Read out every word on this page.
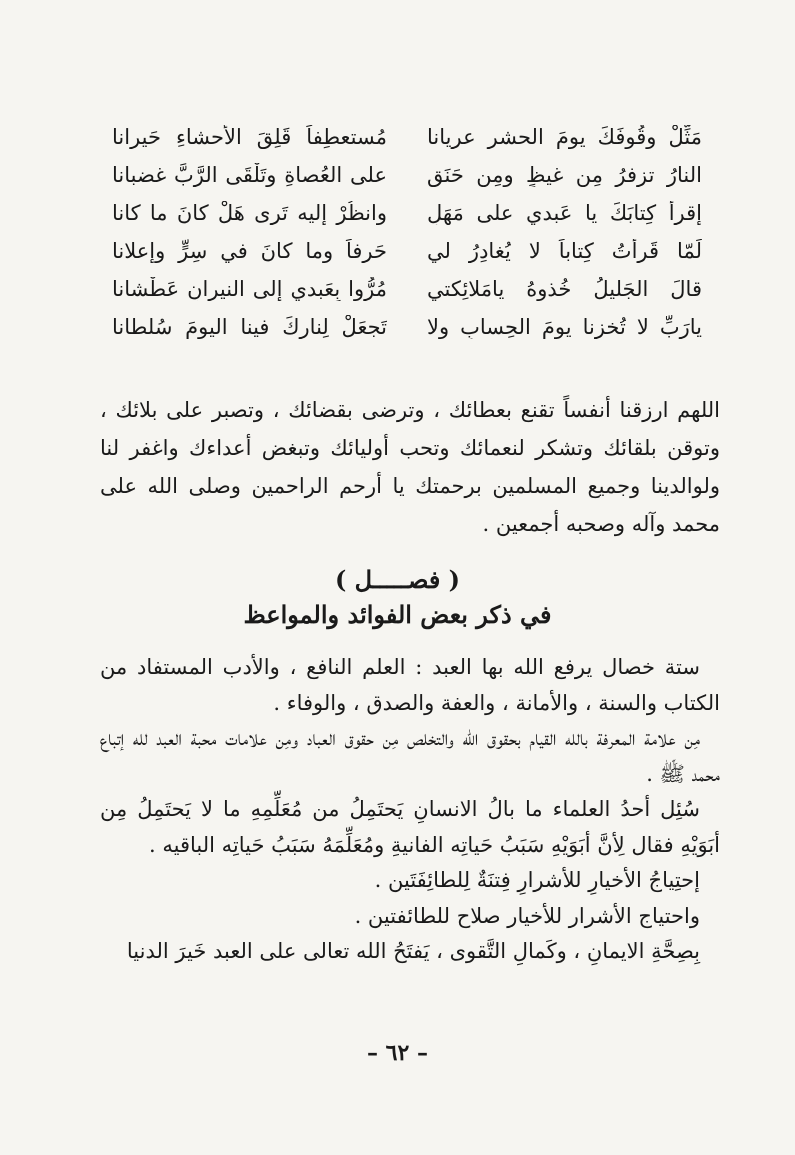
مَثِّلْ وقُوفَكَ يومَ الحشرِ عريانا
مُستعطِفاً قَلِقَ الأحشاءِ حَيرانا
النارُ تزفرُ مِن غيظٍ ومِن حَنَقٍ
على العُصاةِ وتَلْقَى الرَّبَّ غضبانا
إقرأْ كِتابَكَ يا عَبدي على مَهَلٍ
وانظُرْ إليه تَرى هَلْ كانَ ما كانا
لَمّا قَرأتُ كِتاباً لا يُغادِرُ لي
حَرفاً وما كانَ في سِرٍّ وإعلانا
قالَ الجَليلُ خُذوهُ يامَلائِكتي
مُرُّوا بِعَبدي إلى النيرانِ عَطْشانا
يارَبِّ لا تُخزِنا يومَ الحِسابِ ولا
تَجعَلْ لِنارِكَ فينا اليومَ سُلطانا

اللهم ارزقنا أنفساً تقنع بعطائك ، وترضى بقضائك ، وتصبر على بلائك ، وتوقن بلقائك وتشكر لنعمائك وتحب أوليائك وتبغض أعداءك واغفر لنا ولوالدينا وجميع المسلمين برحمتك يا أرحم الراحمين وصلى الله على محمد وآله وصحبه أجمعين .

( فصـــــل )
في ذكر بعض الفوائد والمواعظ

ستة خصال يرفع الله بها العبد : العلم النافع ، والأدب المستفاد من الكتاب والسنة ، والأمانة ، والعفة والصدق ، والوفاء .

مِن علامة المعرفة بالله القيام بحقوق الله والتخلص مِن حقوق العباد ومِن علامات محبة العبد لله إتباع محمد ﷺ .

سُئِل أحدُ العلماء ما بالُ الانسانِ يَحتَمِلُ من مُعَلِّمِهِ ما لا يَحتَمِلُ مِن أبَوَيْهِ فقال لِأنَّ أبَوَيْهِ سَبَبُ حَياتِه الفانيةِ ومُعَلِّمَهُ سَبَبُ حَياتِه الباقيه .

إحتِياجُ الأخيارِ للأشرارِ فِتنَةٌ لِلطائِفَتَين .

واحتياج الأشرار للأخيار صلاح للطائفتين .

بِصِحَّةِ الايمانِ ، وكَمالِ التَّقوى ، يَفتَحُ الله تعالى على العبد خَيرَ الدنيا

– ٦٢ –
